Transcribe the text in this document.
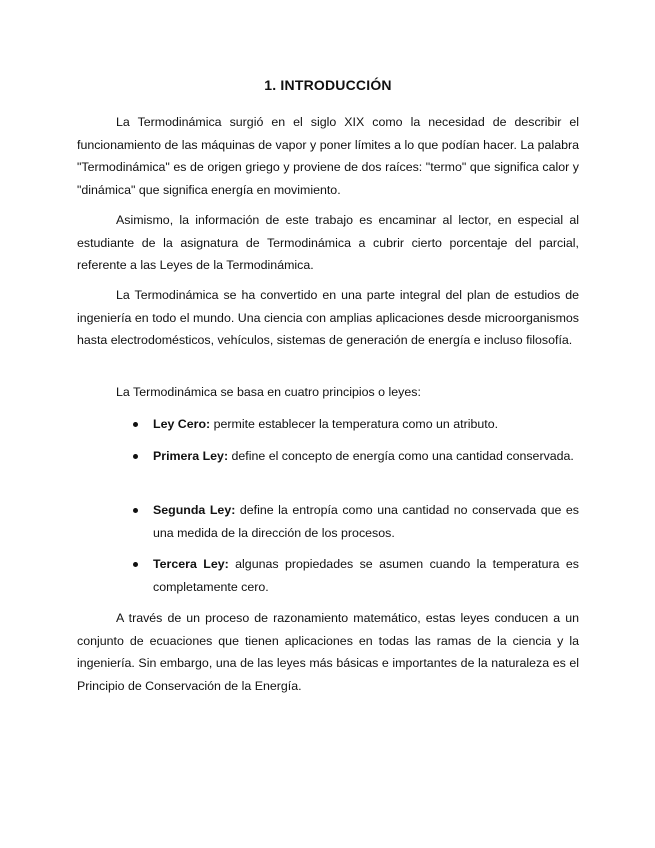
1. INTRODUCCIÓN

La Termodinámica surgió en el siglo XIX como la necesidad de describir el funcionamiento de las máquinas de vapor y poner límites a lo que podían hacer. La palabra "Termodinámica" es de origen griego y proviene de dos raíces: "termo" que significa calor y "dinámica" que significa energía en movimiento.

Asimismo, la información de este trabajo es encaminar al lector, en especial al estudiante de la asignatura de Termodinámica a cubrir cierto porcentaje del parcial, referente a las Leyes de la Termodinámica.

La Termodinámica se ha convertido en una parte integral del plan de estudios de ingeniería en todo el mundo. Una ciencia con amplias aplicaciones desde microorganismos hasta electrodomésticos, vehículos, sistemas de generación de energía e incluso filosofía.

La Termodinámica se basa en cuatro principios o leyes:

Ley Cero: permite establecer la temperatura como un atributo.

Primera Ley: define el concepto de energía como una cantidad conservada.

Segunda Ley: define la entropía como una cantidad no conservada que es una medida de la dirección de los procesos.

Tercera Ley: algunas propiedades se asumen cuando la temperatura es completamente cero.

A través de un proceso de razonamiento matemático, estas leyes conducen a un conjunto de ecuaciones que tienen aplicaciones en todas las ramas de la ciencia y la ingeniería. Sin embargo, una de las leyes más básicas e importantes de la naturaleza es el Principio de Conservación de la Energía.
